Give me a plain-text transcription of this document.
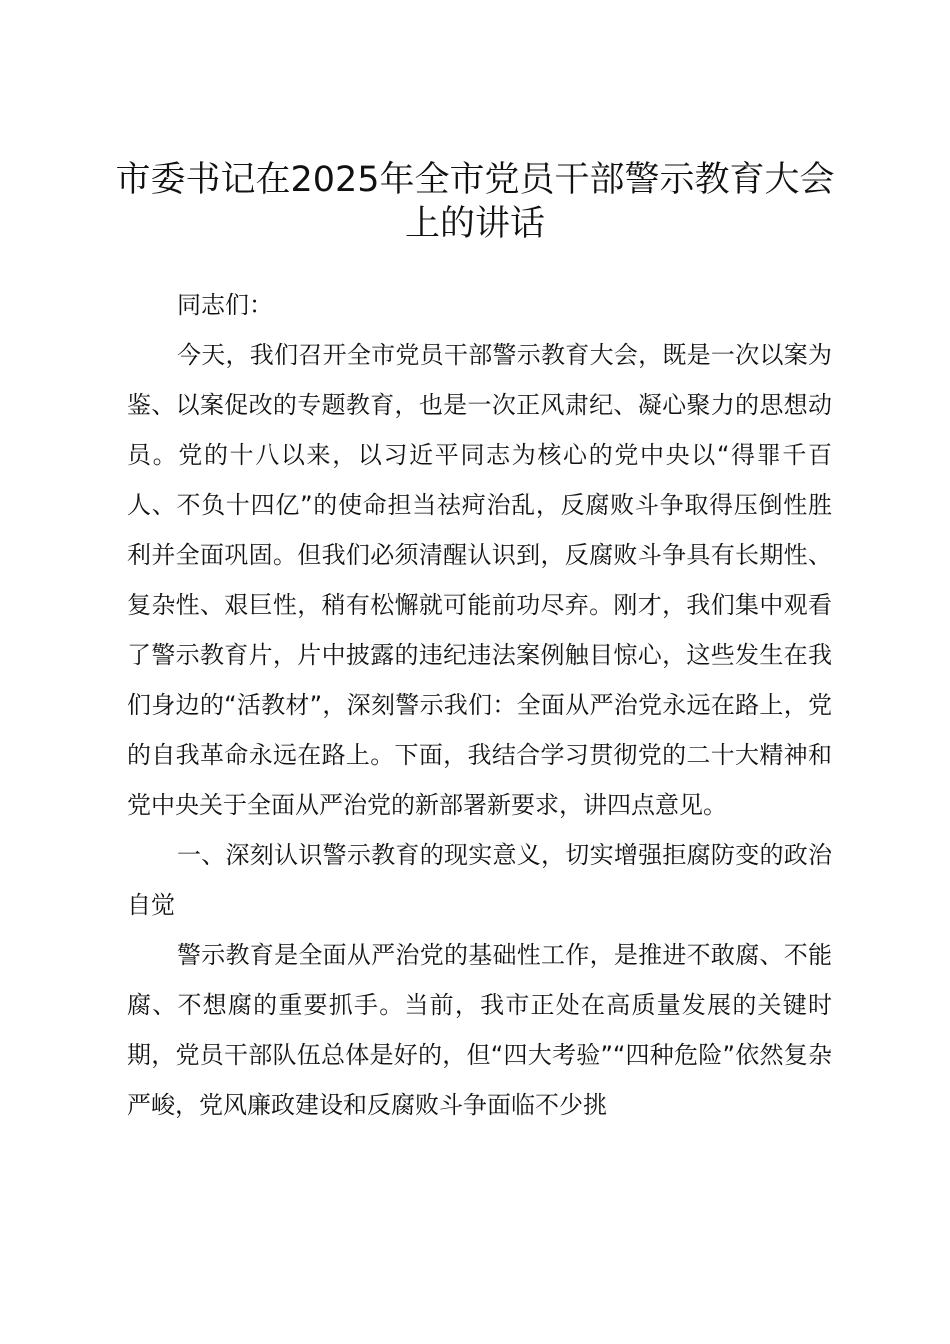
市委书记在2025年全市党员干部警示教育大会上的讲话

同志们：

今天，我们召开全市党员干部警示教育大会，既是一次以案为鉴、以案促改的专题教育，也是一次正风肃纪、凝心聚力的思想动员。党的十八以来，以习近平同志为核心的党中央以“得罪千百人、不负十四亿”的使命担当祛疴治乱，反腐败斗争取得压倒性胜利并全面巩固。但我们必须清醒认识到，反腐败斗争具有长期性、复杂性、艰巨性，稍有松懈就可能前功尽弃。刚才，我们集中观看了警示教育片，片中披露的违纪违法案例触目惊心，这些发生在我们身边的“活教材”，深刻警示我们：全面从严治党永远在路上，党的自我革命永远在路上。下面，我结合学习贯彻党的二十大精神和党中央关于全面从严治党的新部署新要求，讲四点意见。

一、深刻认识警示教育的现实意义，切实增强拒腐防变的政治自觉

警示教育是全面从严治党的基础性工作，是推进不敢腐、不能腐、不想腐的重要抓手。当前，我市正处在高质量发展的关键时期，党员干部队伍总体是好的，但“四大考验”“四种危险”依然复杂严峻，党风廉政建设和反腐败斗争面临不少挑
